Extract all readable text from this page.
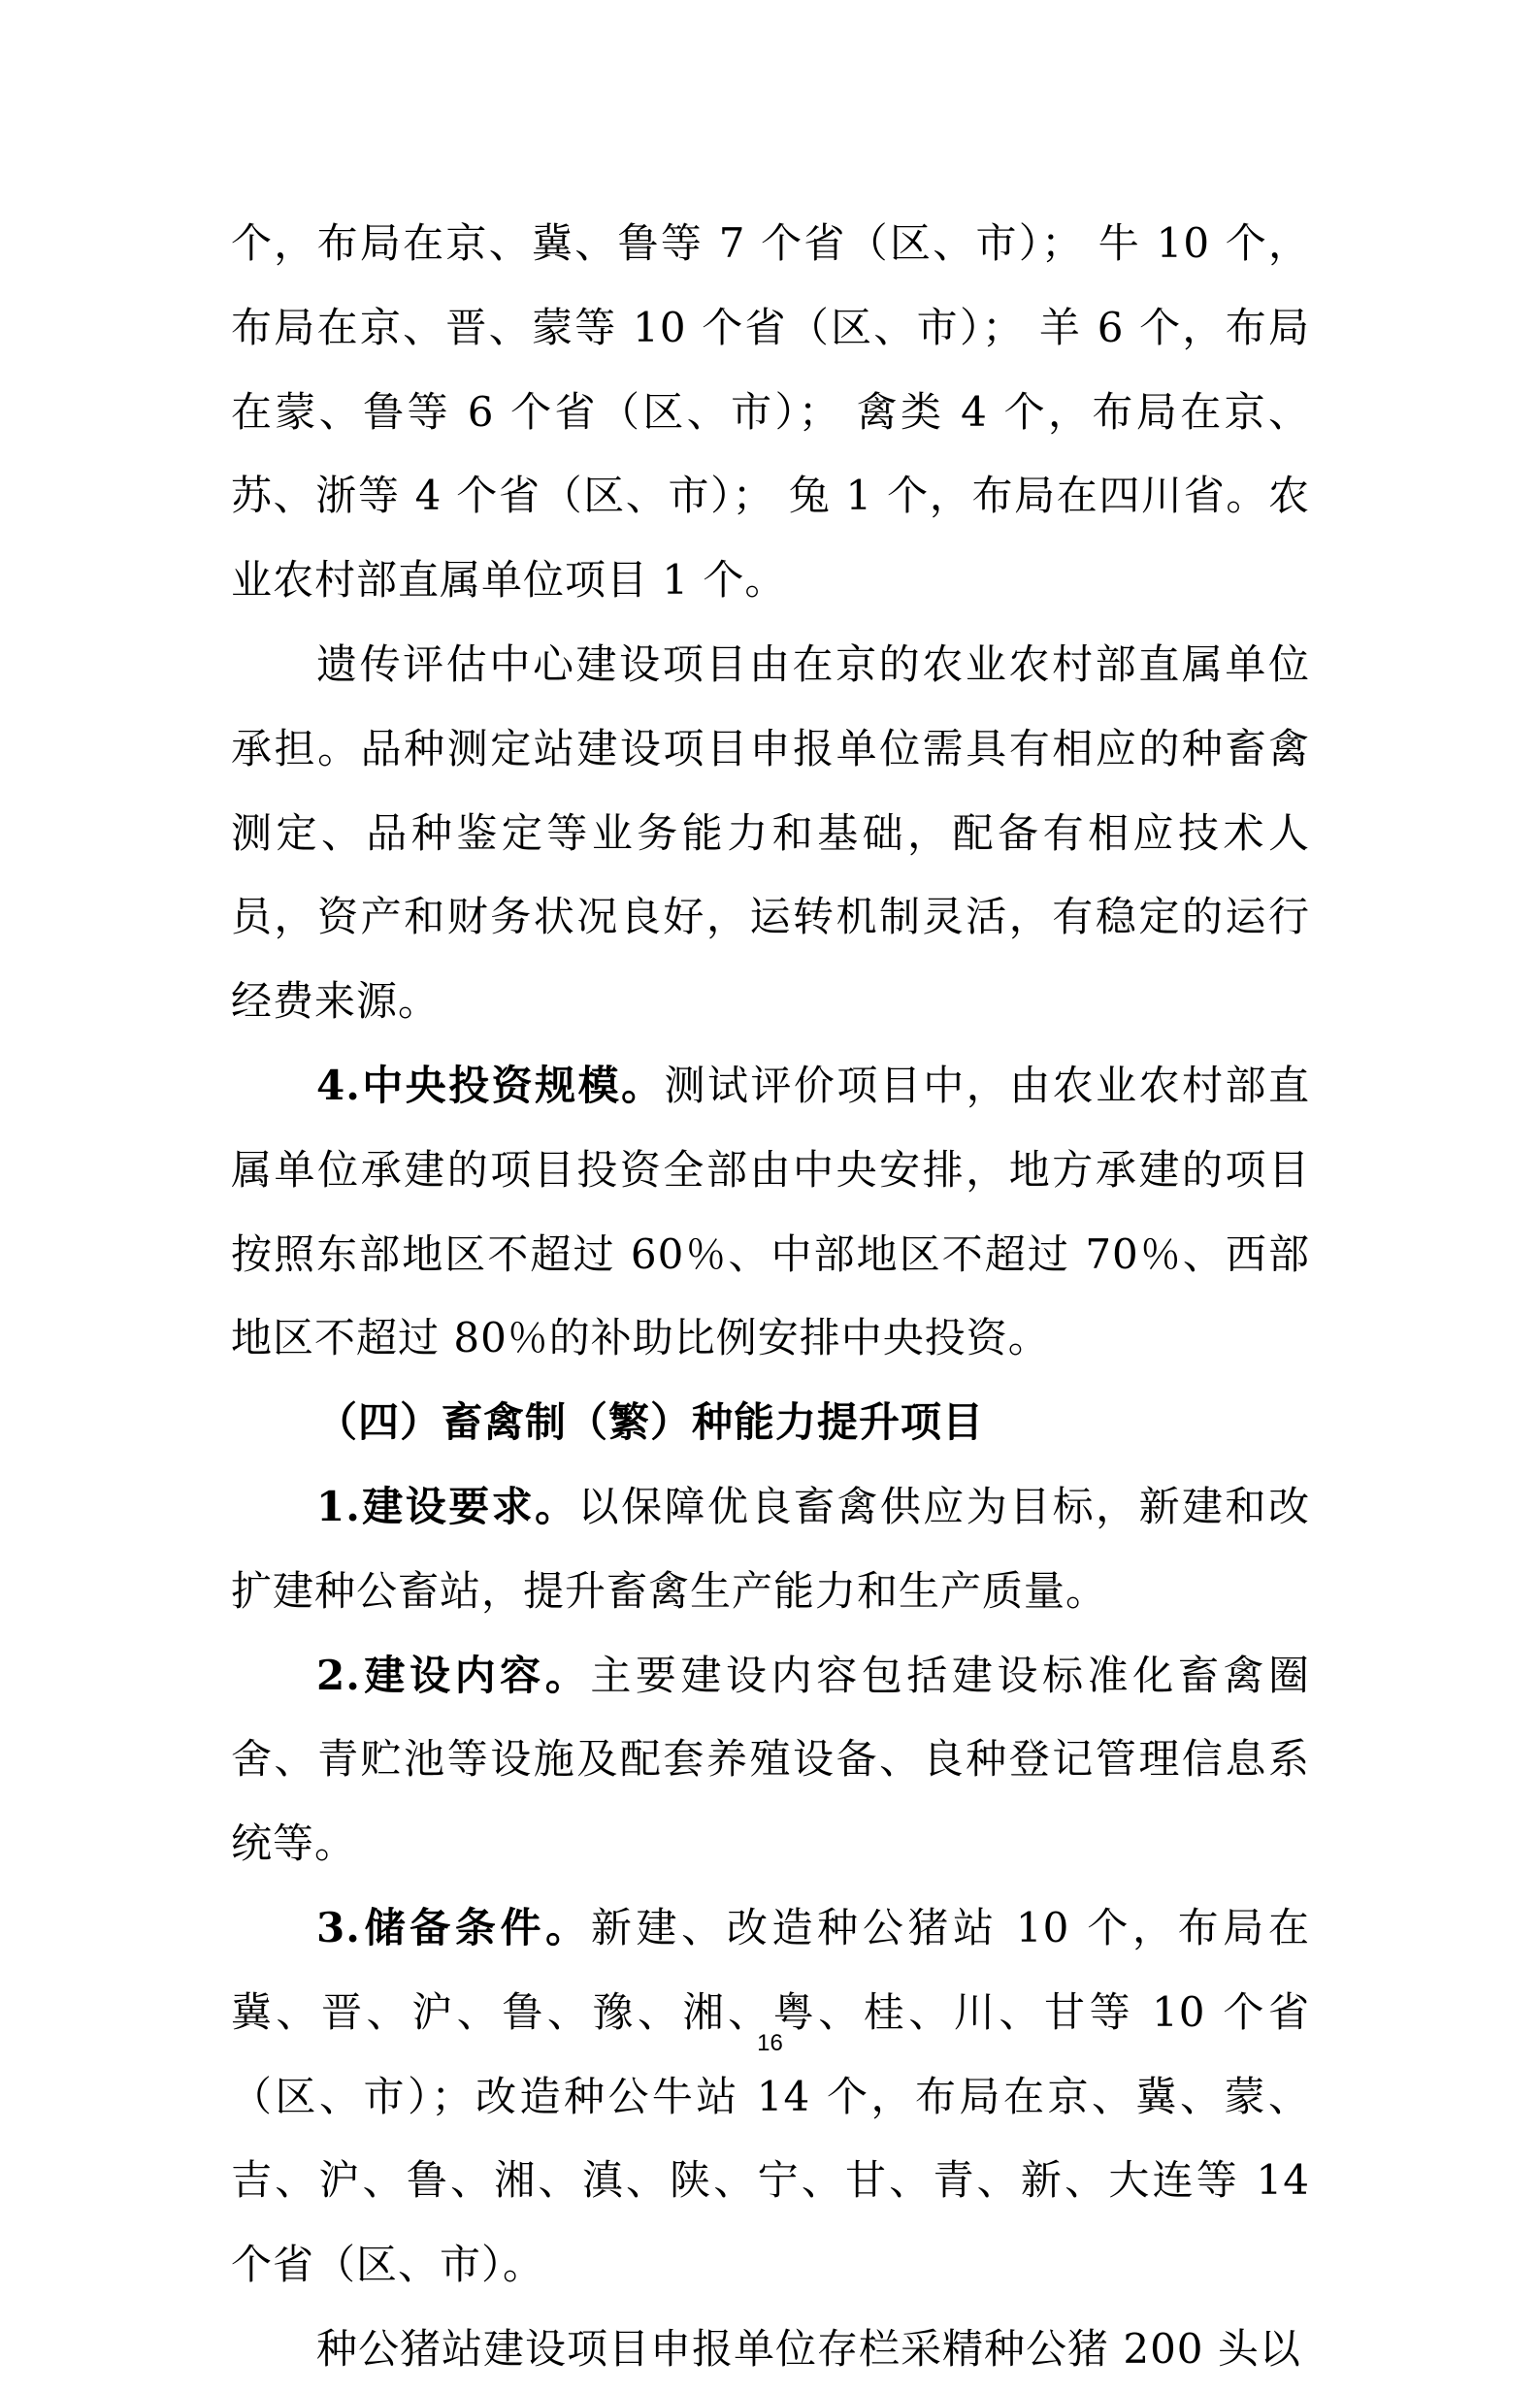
个，布局在京、冀、鲁等 7 个省（区、市）； 牛 10 个，布局在京、晋、蒙等 10 个省（区、市）； 羊 6 个，布局在蒙、鲁等 6 个省（区、市）； 禽类 4 个，布局在京、苏、浙等 4 个省（区、市）； 兔 1 个，布局在四川省。农业农村部直属单位项目 1 个。

遗传评估中心建设项目由在京的农业农村部直属单位承担。品种测定站建设项目申报单位需具有相应的种畜禽测定、品种鉴定等业务能力和基础，配备有相应技术人员，资产和财务状况良好，运转机制灵活，有稳定的运行经费来源。

4.中央投资规模。测试评价项目中，由农业农村部直属单位承建的项目投资全部由中央安排，地方承建的项目按照东部地区不超过 60％、中部地区不超过 70％、西部地区不超过 80％的补助比例安排中央投资。

（四）畜禽制（繁）种能力提升项目

1.建设要求。以保障优良畜禽供应为目标，新建和改扩建种公畜站，提升畜禽生产能力和生产质量。

2.建设内容。主要建设内容包括建设标准化畜禽圈舍、青贮池等设施及配套养殖设备、良种登记管理信息系统等。

3.储备条件。新建、改造种公猪站 10 个，布局在冀、晋、沪、鲁、豫、湘、粤、桂、川、甘等 10 个省（区、市）；改造种公牛站 14 个，布局在京、冀、蒙、吉、沪、鲁、湘、滇、陕、宁、甘、青、新、大连等 14 个省（区、市）。

种公猪站建设项目申报单位存栏采精种公猪 200 头以

16
